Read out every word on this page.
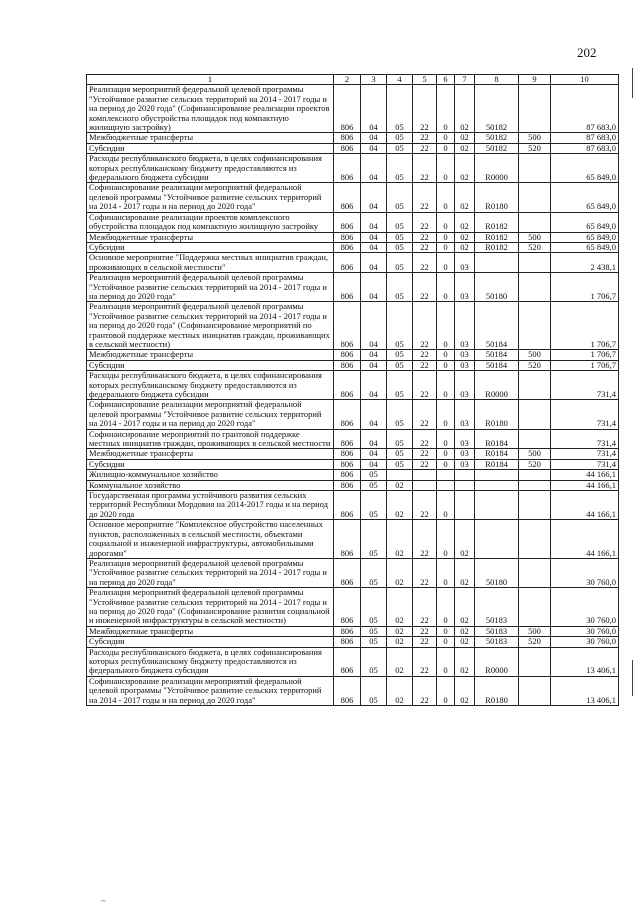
202
1	2	3	4	5	6	7	8	9	10
Реализация мероприятий федеральной целевой программы "Устойчивое развитие сельских территорий на 2014 - 2017 годы и на период до 2020 года" (Софинансирование реализации проектов комплексного обустройства площадок под компактную жилищную застройку)	806	04	05	22	0	02	50182		87 683,0
Межбюджетные трансферты	806	04	05	22	0	02	50182	500	87 683,0
Субсидии	806	04	05	22	0	02	50182	520	87 683,0
Расходы республиканского бюджета, в целях софинансирования которых республиканскому бюджету предоставляются из федерального бюджета субсидии	806	04	05	22	0	02	R0000		65 849,0
Софинансирование реализации мероприятий федеральной целевой программы "Устойчивое развитие сельских территорий на 2014 - 2017 годы и на период до 2020 года"	806	04	05	22	0	02	R0180		65 849,0
Софинансирование реализации проектов комплексного обустройства площадок под компактную жилищную застройку	806	04	05	22	0	02	R0182		65 849,0
Межбюджетные трансферты	806	04	05	22	0	02	R0182	500	65 849,0
Субсидии	806	04	05	22	0	02	R0182	520	65 849,0
Основное мероприятие "Поддержка местных инициатив граждан, проживающих в сельской местности"	806	04	05	22	0	03			2 438,1
Реализация мероприятий федеральной целевой программы "Устойчивое развитие сельских территорий на 2014 - 2017 годы и на период до 2020 года"	806	04	05	22	0	03	50180		1 706,7
Реализация мероприятий федеральной целевой программы "Устойчивое развитие сельских территорий на 2014 - 2017 годы и на период до 2020 года" (Софинансирование мероприятий по грантовой поддержке местных инициатив граждан, проживающих в сельской местности)	806	04	05	22	0	03	50184		1 706,7
Межбюджетные трансферты	806	04	05	22	0	03	50184	500	1 706,7
Субсидии	806	04	05	22	0	03	50184	520	1 706,7
Расходы республиканского бюджета, в целях софинансирования которых республиканскому бюджету предоставляются из федерального бюджета субсидии	806	04	05	22	0	03	R0000		731,4
Софинансирование реализации мероприятий федеральной целевой программы "Устойчивое развитие сельских территорий на 2014 - 2017 годы и на период до 2020 года"	806	04	05	22	0	03	R0180		731,4
Софинансирование мероприятий по грантовой поддержке местных инициатив граждан, проживающих в сельской местности	806	04	05	22	0	03	R0184		731,4
Межбюджетные трансферты	806	04	05	22	0	03	R0184	500	731,4
Субсидии	806	04	05	22	0	03	R0184	520	731,4
Жилищно-коммунальное хозяйство	806	05							44 166,1
Коммунальное хозяйство	806	05	02						44 166,1
Государственная программа устойчивого развития сельских территорий Республики Мордовия на 2014-2017 годы и на период до 2020 года	806	05	02	22	0				44 166,1
Основное мероприятие "Комплексное обустройство населенных пунктов, расположенных в сельской местности, объектами социальной и инженерной инфраструктуры, автомобильными дорогами"	806	05	02	22	0	02			44 166,1
Реализация мероприятий федеральной целевой программы "Устойчивое развитие сельских территорий на 2014 - 2017 годы и на период до 2020 года"	806	05	02	22	0	02	50180		30 760,0
Реализация мероприятий федеральной целевой программы "Устойчивое развитие сельских территорий на 2014 - 2017 годы и на период до 2020 года" (Софинансирование развития социальной и инженерной инфраструктуры в сельской местности)	806	05	02	22	0	02	50183		30 760,0
Межбюджетные трансферты	806	05	02	22	0	02	50183	500	30 760,0
Субсидии	806	05	02	22	0	02	50183	520	30 760,0
Расходы республиканского бюджета, в целях софинансирования которых республиканскому бюджету предоставляются из федерального бюджета субсидии	806	05	02	22	0	02	R0000		13 406,1
Софинансирование реализации мероприятий федеральной целевой программы "Устойчивое развитие сельских территорий на 2014 - 2017 годы и на период до 2020 года"	806	05	02	22	0	02	R0180		13 406,1
~
